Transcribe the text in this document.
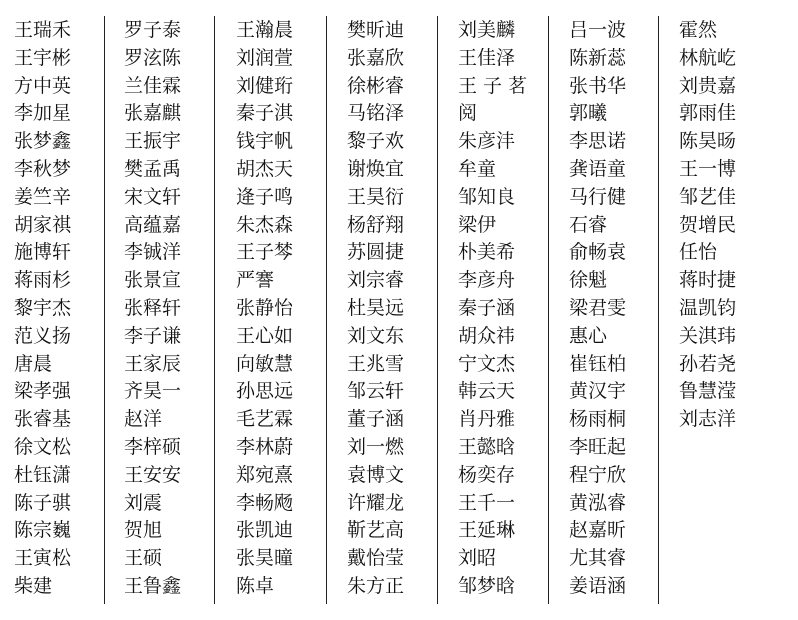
王瑞禾
王宇彬
方中英
李加星
张梦鑫
李秋梦
姜竺辛
胡家祺
施博轩
蒋雨杉
黎宇杰
范义扬
唐晨
梁孝强
张睿基
徐文松
杜钰潇
陈子骐
陈宗巍
王寅松
柴建
罗子泰
罗泫陈
兰佳霖
张嘉麒
王振宇
樊孟禹
宋文轩
高蕴嘉
李铖洋
张景宣
张释轩
李子谦
王家辰
齐昊一
赵洋
李梓硕
王安安
刘震
贺旭
王硕
王鲁鑫
王瀚晨
刘润萱
刘健珩
秦子淇
钱宇帆
胡杰天
逄子鸣
朱杰森
王子棽
严謇
张静怡
王心如
向敏慧
孙思远
毛艺霖
李林蔚
郑宛熹
李畅飏
张凯迪
张昊曈
陈卓
樊昕迪
张嘉欣
徐彬睿
马铭泽
黎子欢
谢焕宜
王昊衍
杨舒翔
苏圆捷
刘宗睿
杜昊远
刘文东
王兆雪
邹云轩
董子涵
刘一燃
袁博文
许耀龙
靳艺高
戴怡莹
朱方正
刘美麟
王佳泽
王 子 茗
阅
朱彦沣
牟童
邹知良
梁伊
朴美希
李彦舟
秦子涵
胡众祎
宁文杰
韩云天
肖丹雅
王懿晗
杨奕存
王千一
王延琳
刘昭
邹梦晗
吕一波
陈新蕊
张书华
郭曦
李思诺
龚语童
马行健
石睿
俞畅袁
徐魁
梁君雯
惠心
崔钰柏
黄汉宇
杨雨桐
李旺起
程宁欣
黄泓睿
赵嘉昕
尤其睿
姜语涵
霍然
林航屹
刘贵嘉
郭雨佳
陈昊旸
王一博
邹艺佳
贺增民
任怡
蒋时捷
温凯钧
关淇玮
孙若尧
鲁慧滢
刘志洋
